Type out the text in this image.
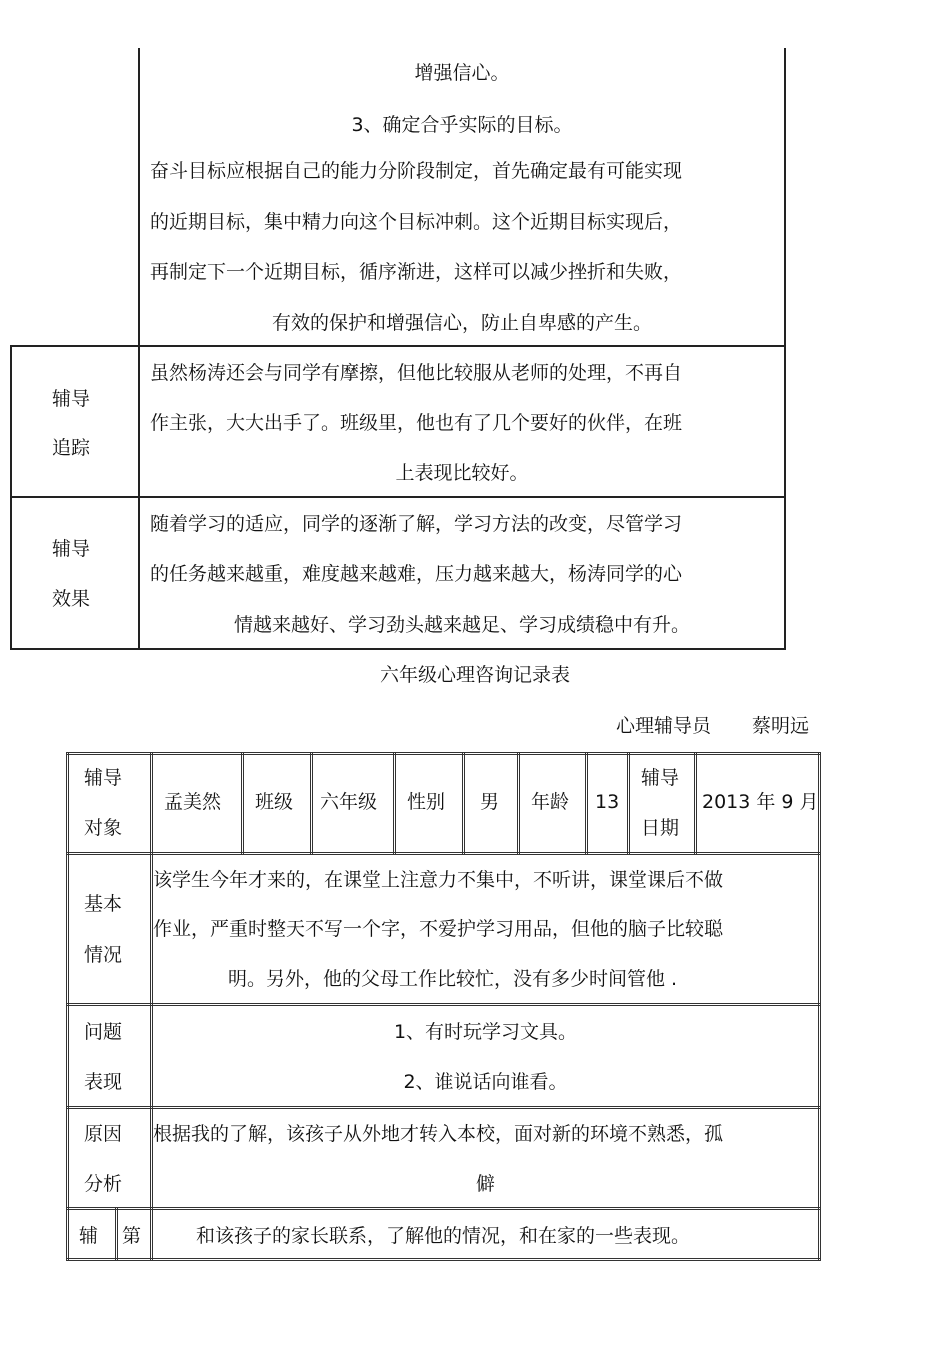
增强信心。
3、确定合乎实际的目标。
奋斗目标应根据自己的能力分阶段制定，首先确定最有可能实现
的近期目标，集中精力向这个目标冲刺。这个近期目标实现后，
再制定下一个近期目标，循序渐进，这样可以减少挫折和失败，
有效的保护和增强信心，防止自卑感的产生。
辅导
追踪
虽然杨涛还会与同学有摩擦，但他比较服从老师的处理，不再自
作主张，大大出手了。班级里，他也有了几个要好的伙伴，在班
上表现比较好。
辅导
效果
随着学习的适应，同学的逐渐了解，学习方法的改变，尽管学习
的任务越来越重，难度越来越难，压力越来越大，杨涛同学的心
情越来越好、学习劲头越来越足、学习成绩稳中有升。
六年级心理咨询记录表
心理辅导员 蔡明远
辅导
对象
孟美然 班级 六年级 性别 男 年龄 13
辅导
日期
2013 年 9 月
基本
情况
该学生今年才来的，在课堂上注意力不集中，不听讲，课堂课后不做
作业，严重时整天不写一个字，不爱护学习用品，但他的脑子比较聪
明。另外，他的父母工作比较忙，没有多少时间管他 .
问题
表现
1、有时玩学习文具。
2、谁说话向谁看。
原因
分析
根据我的了解，该孩子从外地才转入本校，面对新的环境不熟悉，孤
僻
辅 第	和该孩子的家长联系，了解他的情况，和在家的一些表现。
